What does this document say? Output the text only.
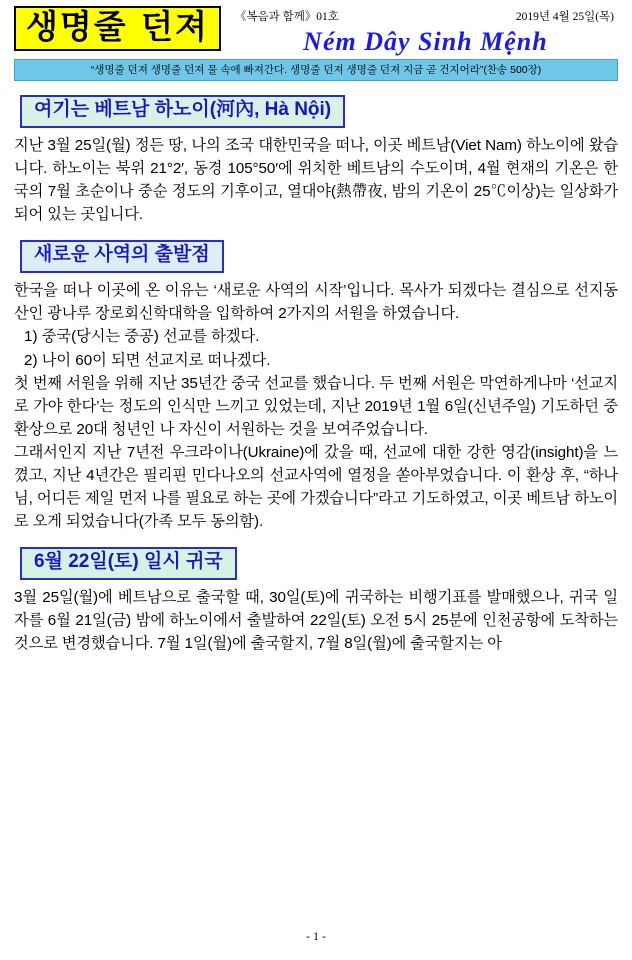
생명줄 던져	《복음과 함께》01호	2019년 4월 25일(목)
Ném Dây Sinh Mệnh
“생명줄 던져 생명줄 던져 물 속에 빠져간다. 생명줄 던져 생명줄 던져 지금 곧 건지어라”(찬송 500장)
여기는 베트남 하노이(河內, Hà Nội)

지난 3월 25일(월) 정든 땅, 나의 조국 대한민국을 떠나, 이곳 베트남(Viet Nam) 하노이에 왔습니다. 하노이는 북위 21°2′, 동경 105°50′에 위치한 베트남의 수도이며, 4월 현재의 기온은 한국의 7월 초순이나 중순 정도의 기후이고, 열대야(熱帶夜, 밤의 기온이 25℃이상)는 일상화가 되어 있는 곳입니다.

새로운 사역의 출발점

한국을 떠나 이곳에 온 이유는 ‘새로운 사역의 시작’입니다. 목사가 되겠다는 결심으로 선지동산인 광나루 장로회신학대학을 입학하여 2가지의 서원을 하였습니다.

1) 중국(당시는 중공) 선교를 하겠다.

2) 나이 60이 되면 선교지로 떠나겠다.

첫 번째 서원을 위해 지난 35년간 중국 선교를 했습니다. 두 번째 서원은 막연하게나마 ‘선교지로 가야 한다’는 정도의 인식만 느끼고 있었는데, 지난 2019년 1월 6일(신년주일) 기도하던 중 환상으로 20대 청년인 나 자신이 서원하는 것을 보여주었습니다.

그래서인지 지난 7년전 우크라이나(Ukraine)에 갔을 때, 선교에 대한 강한 영감(insight)을 느꼈고, 지난 4년간은 필리핀 민다나오의 선교사역에 열정을 쏟아부었습니다. 이 환상 후, “하나님, 어디든 제일 먼저 나를 필요로 하는 곳에 가겠습니다”라고 기도하였고, 이곳 베트남 하노이로 오게 되었습니다(가족 모두 동의함).

6월 22일(토) 일시 귀국

3월 25일(월)에 베트남으로 출국할 때, 30일(토)에 귀국하는 비행기표를 발매했으나, 귀국 일자를 6월 21일(금) 밤에 하노이에서 출발하여 22일(토) 오전 5시 25분에 인천공항에 도착하는 것으로 변경했습니다. 7월 1일(월)에 출국할지, 7월 8일(월)에 출국할지는 아

- 1 -
